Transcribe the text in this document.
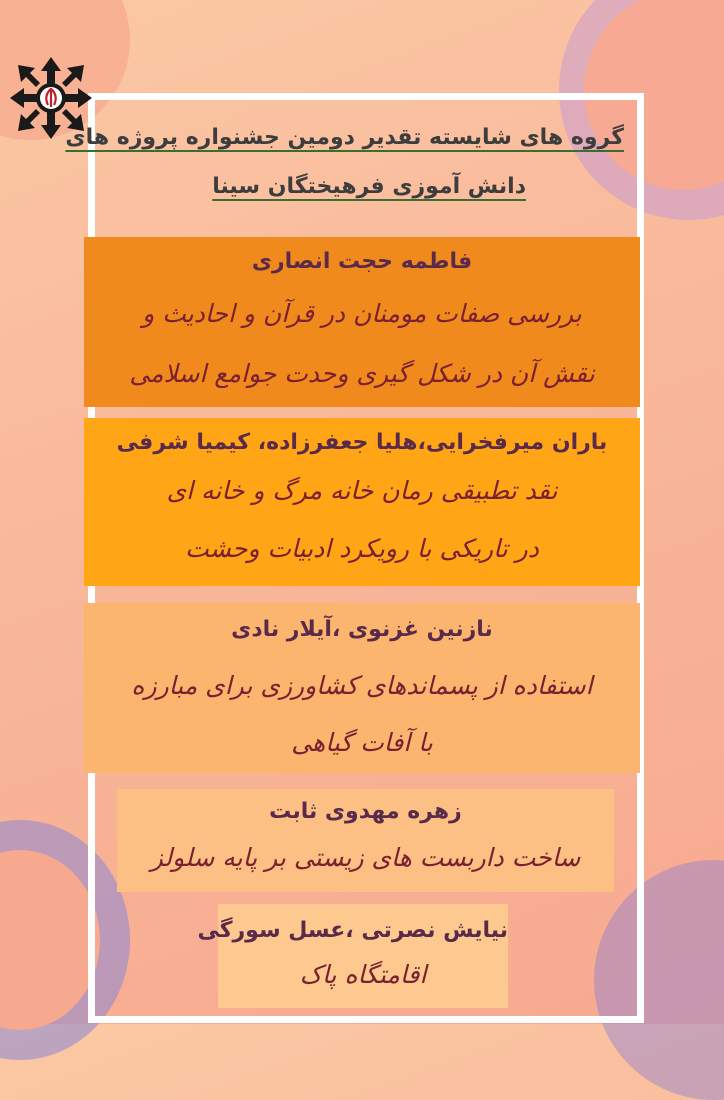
گروه های شایسته تقدیر دومین جشنواره پروژه های
دانش آموزی فرهیختگان سینا
فاطمه حجت انصاری
بررسی صفات مومنان در قرآن و احادیث و
نقش آن در شکل گیری وحدت جوامع اسلامی
باران میرفخرایی،هلیا جعفرزاده، کیمیا شرفی
نقد تطبیقی رمان خانه مرگ و خانه ای
در تاریکی با رویکرد ادبیات وحشت
نازنین غزنوی ،آیلار نادی
استفاده از پسماندهای کشاورزی برای مبارزه
با آفات گیاهی
زهره مهدوی ثابت
ساخت داربست های زیستی بر پایه سلولز
نیایش نصرتی ،عسل سورگی
اقامتگاه پاک
